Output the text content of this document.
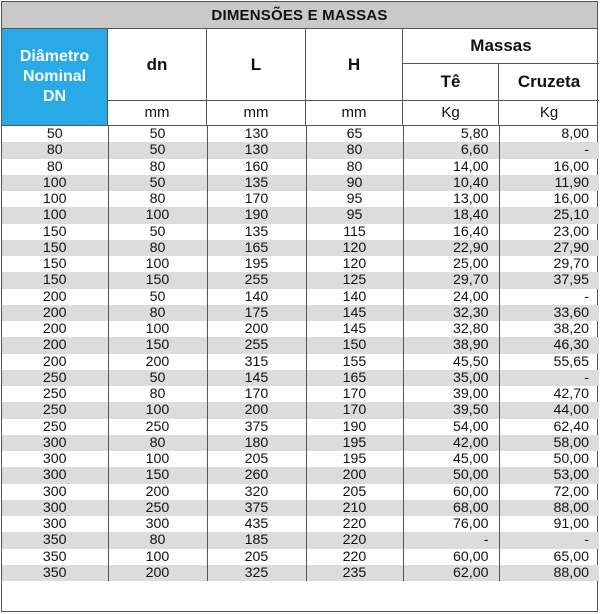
DIMENSÕES E MASSAS
Diâmetro
Nominal
DN
dn	L	H
Massas
Tê	Cruzeta
mm	mm	mm	Kg	Kg
50	50	130	65	5,80	8,00
80	50	130	80	6,60	-
80	80	160	80	14,00	16,00
100	50	135	90	10,40	11,90
100	80	170	95	13,00	16,00
100	100	190	95	18,40	25,10
150	50	135	115	16,40	23,00
150	80	165	120	22,90	27,90
150	100	195	120	25,00	29,70
150	150	255	125	29,70	37,95
200	50	140	140	24,00	-
200	80	175	145	32,30	33,60
200	100	200	145	32,80	38,20
200	150	255	150	38,90	46,30
200	200	315	155	45,50	55,65
250	50	145	165	35,00	-
250	80	170	170	39,00	42,70
250	100	200	170	39,50	44,00
250	250	375	190	54,00	62,40
300	80	180	195	42,00	58,00
300	100	205	195	45,00	50,00
300	150	260	200	50,00	53,00
300	200	320	205	60,00	72,00
300	250	375	210	68,00	88,00
300	300	435	220	76,00	91,00
350	80	185	220	-	-
350	100	205	220	60,00	65,00
350	200	325	235	62,00	88,00
